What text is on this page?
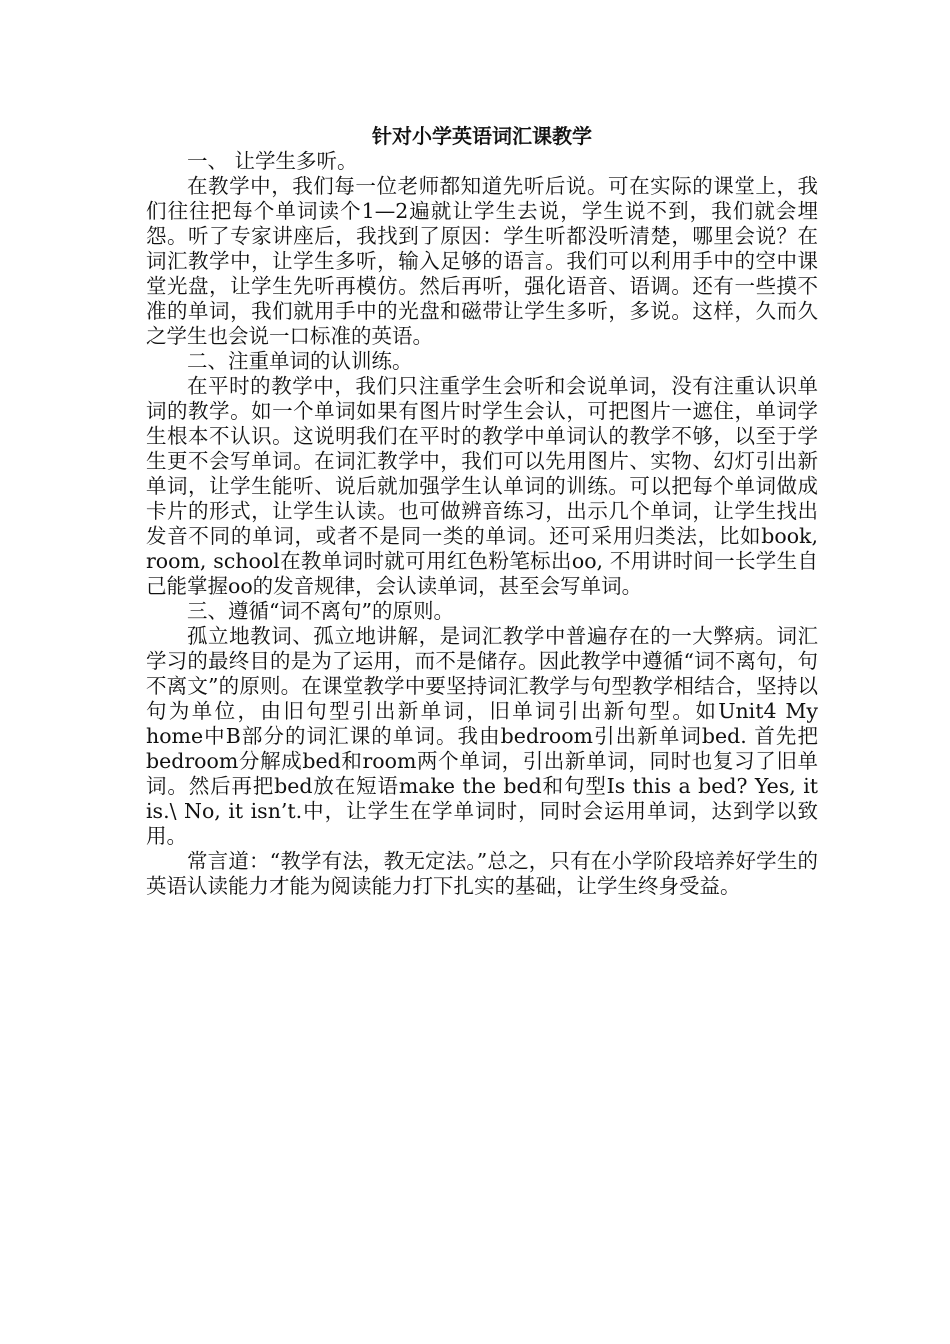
针对小学英语词汇课教学

一、 让学生多听。

在教学中，我们每一位老师都知道先听后说。可在实际的课堂上，我们往往把每个单词读个1—2遍就让学生去说，学生说不到，我们就会埋怨。听了专家讲座后，我找到了原因：学生听都没听清楚，哪里会说？在词汇教学中，让学生多听，输入足够的语言。我们可以利用手中的空中课堂光盘，让学生先听再模仿。然后再听，强化语音、语调。还有一些摸不准的单词，我们就用手中的光盘和磁带让学生多听，多说。这样，久而久之学生也会说一口标准的英语。

二、注重单词的认训练。

在平时的教学中，我们只注重学生会听和会说单词，没有注重认识单词的教学。如一个单词如果有图片时学生会认，可把图片一遮住，单词学生根本不认识。这说明我们在平时的教学中单词认的教学不够，以至于学生更不会写单词。在词汇教学中，我们可以先用图片、实物、幻灯引出新单词，让学生能听、说后就加强学生认单词的训练。可以把每个单词做成卡片的形式，让学生认读。也可做辨音练习，出示几个单词，让学生找出发音不同的单词，或者不是同一类的单词。还可采用归类法，比如book, room, school在教单词时就可用红色粉笔标出oo, 不用讲时间一长学生自己能掌握oo的发音规律，会认读单词，甚至会写单词。

三、遵循“词不离句”的原则。

孤立地教词、孤立地讲解，是词汇教学中普遍存在的一大弊病。词汇学习的最终目的是为了运用，而不是储存。因此教学中遵循“词不离句，句不离文”的原则。在课堂教学中要坚持词汇教学与句型教学相结合，坚持以句为单位，由旧句型引出新单词，旧单词引出新句型。如Unit4 My home中B部分的词汇课的单词。我由bedroom引出新单词bed. 首先把bedroom分解成bed和room两个单词，引出新单词，同时也复习了旧单词。然后再把bed放在短语make the bed和句型Is this a bed? Yes, it is.\ No, it isn’t.中，让学生在学单词时，同时会运用单词，达到学以致用。

常言道：“教学有法，教无定法。”总之，只有在小学阶段培养好学生的英语认读能力才能为阅读能力打下扎实的基础，让学生终身受益。
